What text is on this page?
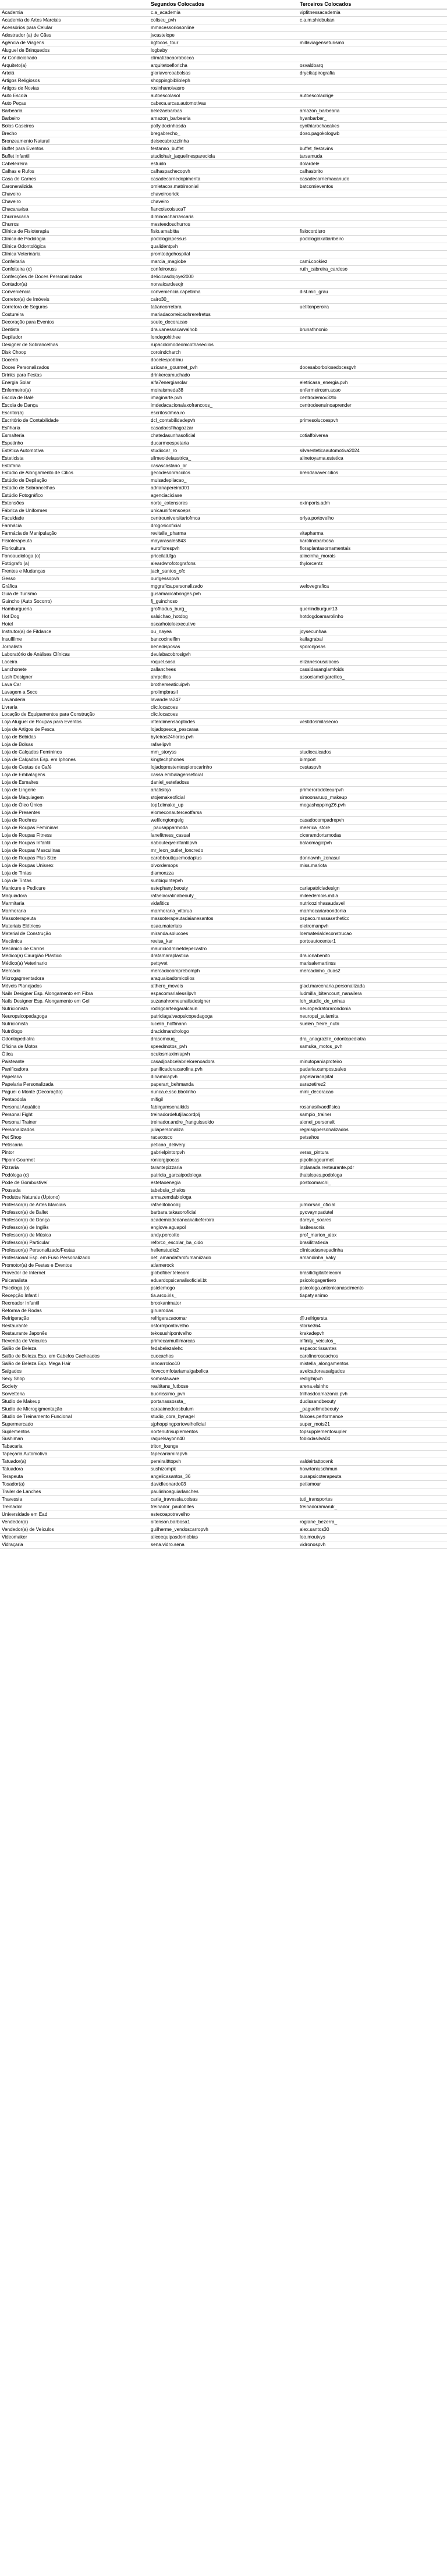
	Segundos Colocados	Terceiros Colocados
Academia	c.a_academia	vipfitnessacademia
Academia de Artes Marciais	coliseu_pvh	c.a.m.shiobukan
Acessórios para Celular	mmacessoriosonline	
Adestrador (a) de Cães	jvcastelope	
Agência de Viagens	bgfocos_tour	millaviagenseturismo
Aluguel de Brinquedos	logbaby	
Ar Condicionado	climatizacaorobocca	
Arquiteto(a)	arquitetoefloricha	osvaldoarq
Arteiá	gloriavercoabolsas	drycikapirografia
Artigos Religiosos	shoppingbiblioleph	
Artigos de Novias	rosinhanoivasro	
Auto Escola	autoescolasol	autoescoladrige
Auto Peças	cabeca.arcas.automotivas	
Barbearia	belezaebarbas	amazon_barbearia
Barbeiro	amazon_barbearia	hyanbarber_
Bolos Caseiros	polly.docinhosda	cynthiarochacakes
Brecho	bregabrecho_	doso.pagokologwb
Bronzeamento Natural	deisecabrozziinha	
Buffet para Eventos	festanno_buffet	buffet_festavins
Buffet Infantil	studiohair_jaquelinespareciola	tarsamuda
Cabeleireira	estuido	dolardele
Calhas e Rufos	calhaspachecopvh	calhasbrito
Casa de Carnes	casadecarnedopimenta	casadecarnemacanudo
Caroneralizida	omletacos.matrimonial	batcomieventos
Chaveiro	chaveiroerick	
Chaveiro	chaveiro	
Chacaravisa	fiancoiscoisuca7	
Churrascaria	diminoacharrascaria	
Churros	mesteedosdhurros	
Clínica de Fisioterapia	fisio.amabitta	fisiocordisro
Clínica de Podologia	podologiapessus	podologiakatiaribeiro
Clínica Odontológica	qualidentpvh	
Clínica Veterinária	promtodgehospital	
Confeitaria	marcia_magiobe	cami.cookiez
Confeiteira (o)	confeiroruss	ruth_cabreira_cardoso
Confecções de Doces Personalizados	delicicasdojoye2000	
Contador(a)	norvaicardesojr	
Conveniência	conveniencia.capetinha	dist.mic_grau
Corretor(a) de Imóveis	cairo30_	
Corretora de Seguros	tatiancorretora	uetitonperoira
Costureira	mariadacorreicaohrerefretus	
Decoração para Eventos	souto_decoracao	
Dentista	dra.vanessacarvalhob	brunathnonio
Depilador	londegohithee	
Designer de Sobrancelhas	rupacokimodeomcothasecilos	
Disk Choop	coroindcharch	
Doceria	docetespoblinu	
Doces Personalizados	uzicane_gourmet_pvh	docesaborbolosedocesgvh
Drinks para Festas	drinkercamuchado	
Energia Solar	alfa7energiasolar	eletricasa_energia.pvh
Enfermeiro(a)	moiraismeda38	enfermeirosm.acao
Escola de Balé	imaginarte.pvh	centrodemov3zto
Escola de Dança	imdedacacionalaxofrancoos_	centrodeensinoaprender
Escritor(a)	escritosdmea.ro	
Escritório de Contabilidade	dcl_contabilidadepvh	primesolucoespvh
Esfiharia	casadaesfihagozzar	
Esmalteria	chatedasunhasoficial	cotiaffoiverea
Espetinho	ducarmoespetaria	
Estética Automotiva	studiocar_ro	silvaesteticaautomotiva2024
Esteticista	silmeoideiasstrica_	alinetoyama.estetica
Estofaria	casascastano_br	
Estúdio de Alongamento de Cílios	gecodesonraccilos	brendaaaver.cilios
Estúdio de Depilação	muisadepilacao_	
Estúdio de Sobrancelhas	adrianapereira001	
Estúdio Fotográfico	agenciaciciase	
Extensões	norte_extensores	extnports.adm
Fábrica de Uniformes	unicaunifoensoeps	
Faculdade	centrouniversitariofmca	orlya.portovelho
Farmácia	drogosicoficial	
Farmácia de Manipulação	revitalle_pharma	vitapharma
Fisioterapeuta	mayarasales843	karolinabarbosa
Floricultura	euroflorespvh	floraplantasornamentais
Fonoaudiologa (o)	priccilati.fga	alincinha_morais
Fotógrafo (a)	aleardwrofotografons	thylorcentz
Frentes e Mudanças	jacir_santos_ofc	
Gesso	ourlgessopvh	
Gráfica	mggrafica.personalizado	welovegrafica
Guia de Turismo	gusamacicabonges.pvh	
Guincho (Auto Socorro)	fj_guinchoso	
Hamburgueria	grofhadus_burg_	quenindburgurr13
Hot Dog	salsichao_hotdog	hotdogdoamarolinho
Hotel	oscarhoteleexecutive	
Instrutor(a) de Fitdance	ou_nayea	joysecunhaa
Insulfilme	bancocinelfim	kailagrabal
Jornalista	benedisposas	sporonjosas
Laboratório de Análises Clínicas	deulabacobrosigvh	
Laceira	roquel.sosa	elizanesousalacos
Lanchonete	zallanchees	cassidasanglamfoids
Lash Designer	ahrpcilios	associamcilgarcilios_
Lava Car	brotherseaticuipvh	
Lavagem a Seco	prolimpbrasil	
Lavanderia	lavandeira247	
Livraria	clic.locacoes	
Locação de Equipamentos para Construção	clic.locacoes	
Loja Aluguel de Roupas para Eventos	interdimensaoptodes	vestidosmilaseoro
Loja de Artigos de Pesca	lojadopesca_pescaraa	
Loja de Bebidas	byteiras24horas.pvh	
Loja de Bolsas	rafaelipvh	
Loja de Calçados Femininos	mm_storyss	studiocalcados
Loja de Calçados Esp. em Iphones	kingtechphones	bimport
Loja de Cestas de Café	lojadoprestentesplorocarinho	cestaspvh
Loja de Embalagens	cassa.embalagenseficial	
Loja de Esmaltes	daniel_estefadoss	
Loja de Lingerie	ariatisloja	primerorodotecurpvh
Loja de Maquiagem	stojemakeoficial	simoonaruup_makeup
Loja de Óleo Único	top1dimake_up	megashoppingZ6.pvh
Loja de Presentes	elomeconauterceotfarsa	
Loja de Roohres	welilongtongelg	casadocompadrepvh
Loja de Roupas Femininas	_pausapparmoda	meerica_store
Loja de Roupas Fitness	lanefitness_casual	ciceramdortsmodas
Loja de Roupas Infantil	nabouteqveinfantilpvh	balaomagicpvh
Loja de Roupas Masculinas	mr_leon_outlet_loncredo	
Loja de Roupas Plus Size	carobboutiquemodaplus	donnavnh_zonasul
Loja de Roupas Unissex	olvordersops	miss.mariota
Loja de Tintas	diamonzza	
Loja de Tintas	sunbiquintepvh	
Manicure e Pedicure	estephany.beouty	carlapatriciadesign
Maquiadora	rafaelacralinabeouty_	mileedemois.mdia
Marmitaria	vidafitics	nutricozinhasaudavel
Marmoraria	marmoraria_vitorua	marmocariaroondonia
Massoterapeuta	massoterapeutadaianesantos	ospaco.massasetheticc
Materiais Elétricos	esao.materiais	eletromanpvh
Material de Construção	miranda.solucoes	loematerialdeconstrucao
Mecânica	revisa_kar	portoautocenter1
Mecânico de Carros	mauriciodminetdepecastro	
Médico(a) Cirurgião Plástico	dratamaraplastica	dra.ionabenito
Médico(a) Veterinario	pettyvet	marisalemartinss
Mercado	mercadocomprebomph	mercadinho_duas2
Microgagmentadora	araquaioadomicolios	
Móveis Planejados	althero_moveis	glad.marcenaria.personalizada
Nails Designer Esp. Alongamento em Fibra	espacomarialessilpvh	ludmilla_bitencourt_nanailera
Nails Designer Esp. Alongamento em Gel	suzanahromeunailsdesigner	loh_studio_de_unhas
Nutricionista	rodrigoarteagaralcaun	neuropedratorarondonia
Neuropsicopedagoga	patriciagalvaopsicopedagoga	neuropsi_sulamita
Nutricionista	lucelia_hoffmann	suelen_freire_nutri
Nutrólogo	dracidmandrologo	
Odontopediatra	drasomouq_	dra_anagrazile_odontopediatra
Oficina de Motos	speedmotos_pvh	samuka_motos_pvh
Ótica	oculosmaximiapvh	
Paisteante	casadjoabcelabrielorenoadora	minutopaniaproteiro
Panificadora	panificadoracarolina.pvh	padaria.campos.sales
Papelaria	dinamicapvh	papelariacapital
Papelaria Personalizada	paperart_behmanda	sarazetirez2
Paguei o Monte (Decoração)	nunca.e.sso.bbolinho	mini_decoracao
Pentaodola	mifigil	
Personal Aquático	fabirgamsenaikids	rosanasilvaedfisica
Personal Fight	treinadordefutjilacordplj	sampio_trainer
Personal Trainer	treinador.andre_franguissoldo	alonei_personalt
Personalizados	juliapersonaliza	regalsippersonalizados
Pet Shop	racacosco	petsahos
Petiscaria	peticao_delivery	
Pintor	gabrielpintorpvh	veras_pintura
Piponi Gourmet	roniorgipocas	pipolinagourmet
Pizzaria	tarantepizzaria	inplanada.restaurante.pdr
Podóloga (o)	patricia_garcaipodologa	thaislopes.podologa
Pode de Gombustiveí	estetaoenegia	postoomarchi_
Pousada	tabebuia_chalos	
Produtos Naturais (Üptono)	armazemdabiologa	
Professor(a) de Artes Marciais	rafaelitoboobij	jumiorsan_oficial
Professor(a) de Ballet	barbara.takasoroficial	pyovaynpadutel
Professor(a) de Dança	academiadedancakaikeferoira	dareyo_soares
Professor(a) de Inglês	englove.aguapol	lasitesaonis
Professor(a) de Música	andy.percotto	prof_marion_alox
Professor(a) Particular	reforco_escolar_ba_cido	brasilitratieda
Professor(a) Personalizado/Festas	hellenstudio2	clinicadasnepadinha
Professional Esp. em Fuso Personalizado	oet_amandafarofumaniizado	amandinha_kaky
Promotor(a) de Festas e Eventos	atlamerock	
Provedor de Internet	globofiber.telecom	brasilidigitaltelecom
Psicanalista	eduardopsicanalisoficial.bt	psicologagertiero
Psicóloga (o)	psiclemogo	psicologa.antonicanascimento
Recepção Infantil	tia.arco.iris_	tiapaty.animo
Recreador Infantil	brookanimator	
Reforma de Rodas	giruarodas	
Refrigeração	refrigeracaoomar	@.refrigersta
Restaurante	ostormpontovelho	storke364
Restaurante Japonês	tekosushipontvelho	krakadepvh
Revenda de Veículos	primecarmultimarcas	infinity_veiculos_
Salão de Beleza	fedabelezalehc	espacocrissantes
Salão de Beleza Esp. em Cabelos Cacheados	cuocachos	carolineroscachos
Salão de Beleza Esp. Mega Hair	ianoarroloo10	mistella_alongamentos
Salgados	ilovecomfotariamalgabelica	avelcadoreasalgados
Sexy Shop	somostaware	rediglhipvh
Society	realtitans_futbose	arena.elsinho
Sorvetteria	buonissimo_pvh	trilhasdoamazonia.pvh
Studio de Makeup	portanassossta_	dudissandbeouty
Studio de Microgigmentação	caraaimedoosbulum	_paguelimebeouty
Studio de Treinamento Funcional	studio_cora_bynagel	falcoes.performance
Supermercado	sjphoppingportovelhoficial	super_mots21
Suplementos	nortenutrisuplementos	topsupplementosupler
Sushiman	raquelsayonn40	fobiodasilva04
Tabacaria	triton_lounge	
Tapeçaria Automotiva	tapecariamirapvh	
Tatuador(a)	pereiraitttopvh	valdeirtattoovnk
Tatuadora	sushizompk	howrtoniusohmun
Terapeuta	angelicasantos_36	ousapsicoterapeuta
Tosador(a)	davidleonardo03	petlamour
Trailer de Lanches	paulinhoaguiarlanches	
Travessia	carla_travessia.coisas	tuti_transportes
Treinador	treinador_paulobites	treinadoramaruk_
Universidade em Ead	estecoapotrevelho	
Vendedor(a)	oitenson.barbosa1	rogiane_bezerra_
Vendedor(a) de Veículos	guilherme_vendoscarropvh	alex.santos30
Videomaker	aliceequipasdomobias	loo.moutvys
Vidraçaria	sena.vidro.sena	vidronospvh
